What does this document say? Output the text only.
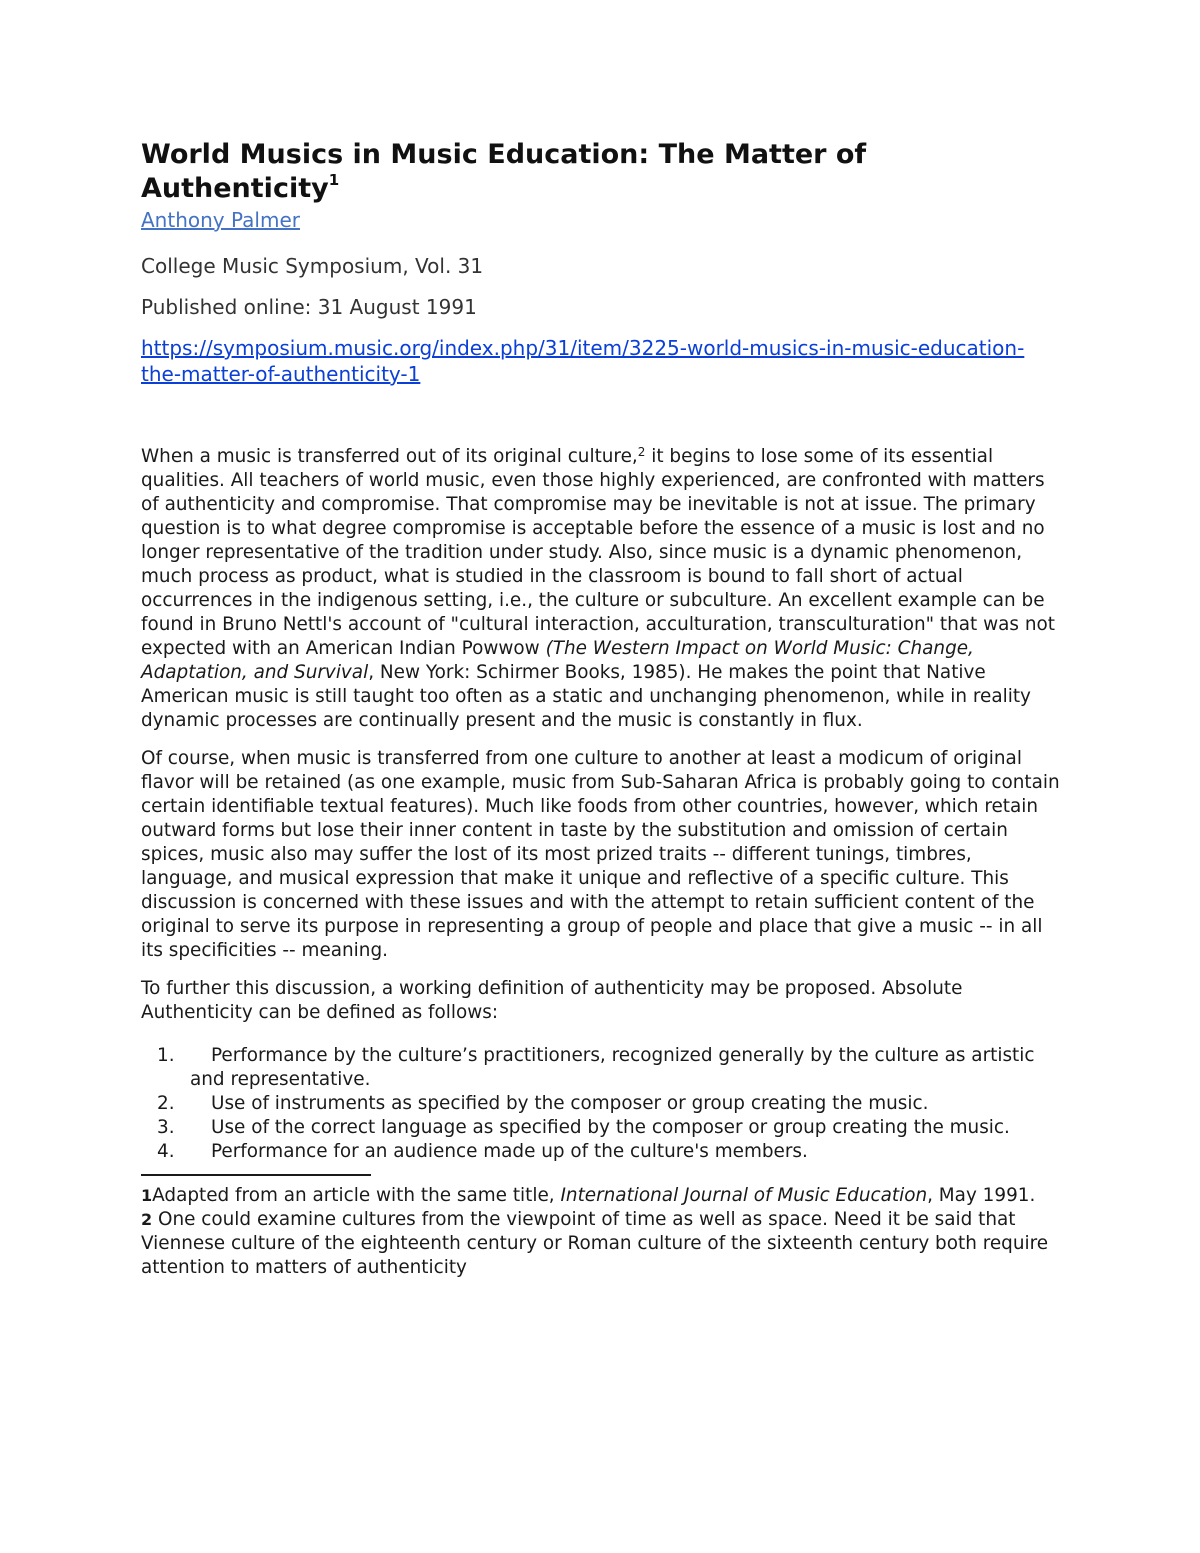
World Musics in Music Education: The Matter of Authenticity$^1$
Anthony Palmer

College Music Symposium, Vol. 31

Published online: 31 August 1991

https://symposium.music.org/index.php/31/item/3225-world-musics-in-music-education-the-matter-of-authenticity-1

When a music is transferred out of its original culture,$^2$ it begins to lose some of its essential qualities. All teachers of world music, even those highly experienced, are confronted with matters of authenticity and compromise. That compromise may be inevitable is not at issue. The primary question is to what degree compromise is acceptable before the essence of a music is lost and no longer representative of the tradition under study. Also, since music is a dynamic phenomenon, much process as product, what is studied in the classroom is bound to fall short of actual occurrences in the indigenous setting, i.e., the culture or subculture. An excellent example can be found in Bruno Nettl's account of "cultural interaction, acculturation, transculturation" that was not expected with an American Indian Powwow (The Western Impact on World Music: Change, Adaptation, and Survival, New York: Schirmer Books, 1985). He makes the point that Native American music is still taught too often as a static and unchanging phenomenon, while in reality dynamic processes are continually present and the music is constantly in flux.

Of course, when music is transferred from one culture to another at least a modicum of original flavor will be retained (as one example, music from Sub-Saharan Africa is probably going to contain certain identifiable textual features). Much like foods from other countries, however, which retain outward forms but lose their inner content in taste by the substitution and omission of certain spices, music also may suffer the lost of its most prized traits -- different tunings, timbres, language, and musical expression that make it unique and reflective of a specific culture. This discussion is concerned with these issues and with the attempt to retain sufficient content of the original to serve its purpose in representing a group of people and place that give a music -- in all its specificities -- meaning.

To further this discussion, a working definition of authenticity may be proposed. Absolute Authenticity can be defined as follows:

1. Performance by the culture’s practitioners, recognized generally by the culture as artistic and representative.
2. Use of instruments as specified by the composer or group creating the music.
3. Use of the correct language as specified by the composer or group creating the music.
4. Performance for an audience made up of the culture's members.

1Adapted from an article with the same title, International Journal of Music Education, May 1991.

2 One could examine cultures from the viewpoint of time as well as space. Need it be said that Viennese culture of the eighteenth century or Roman culture of the sixteenth century both require attention to matters of authenticity
